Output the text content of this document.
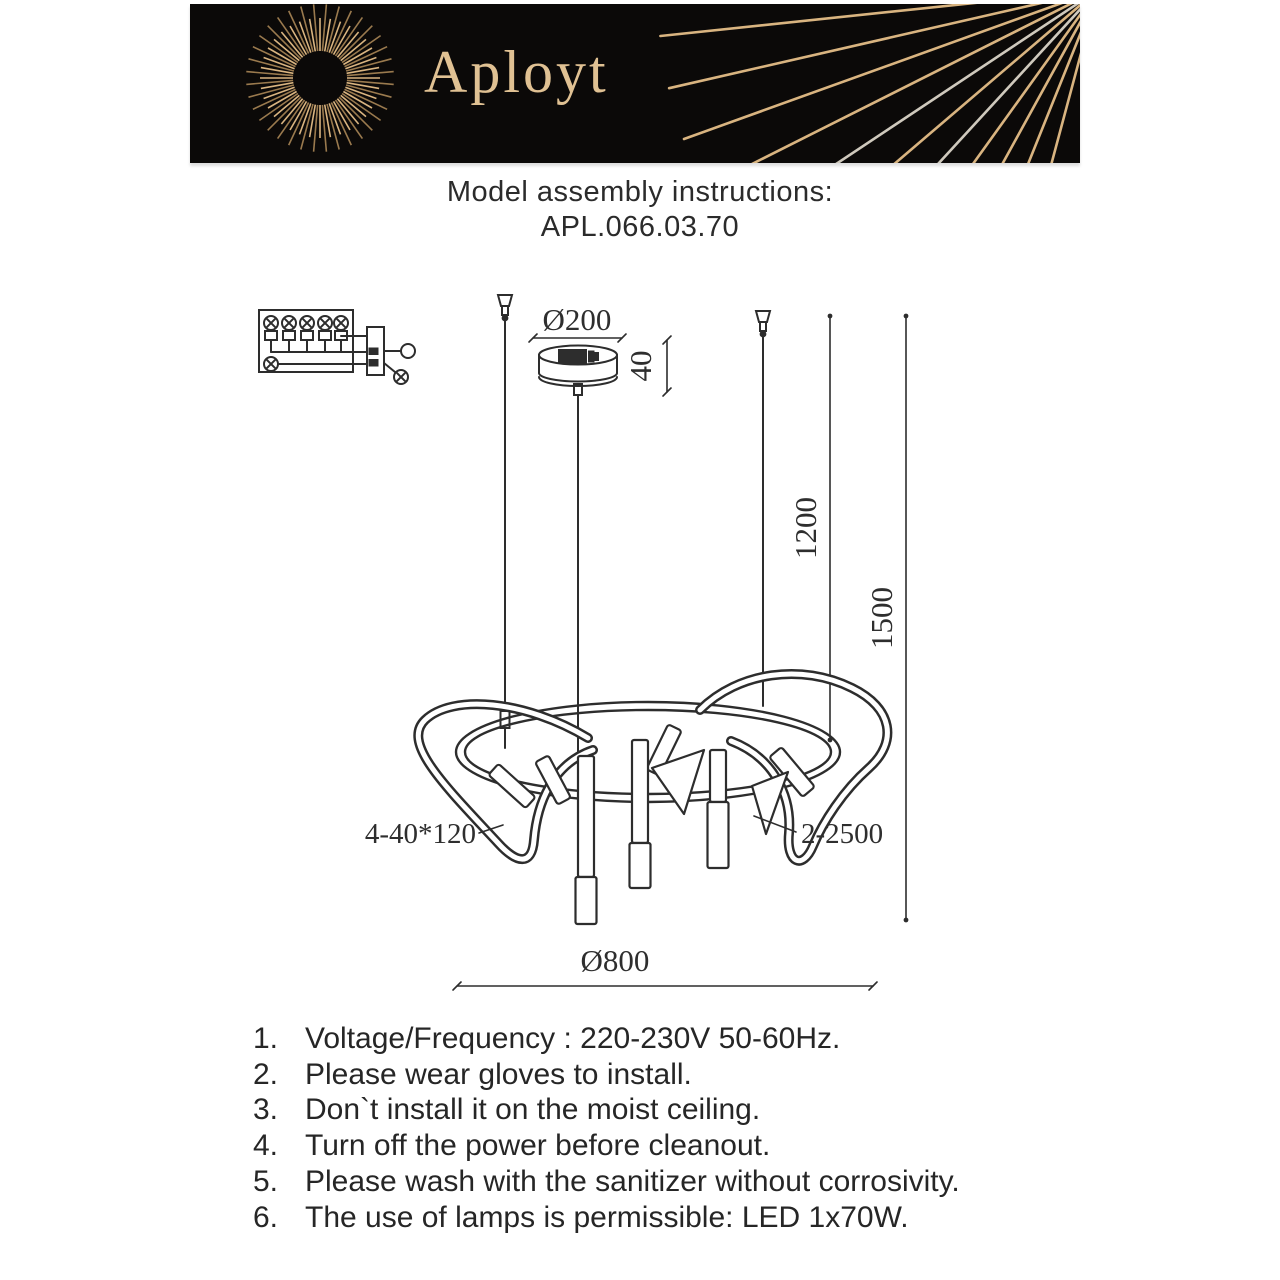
Aployt
Model assembly instructions:
APL.066.03.70
Ø200
40
1200
1500
4-40*120	2-2500
Ø800
1. Voltage/Frequency : 220-230V 50-60Hz.
2. Please wear gloves to install.
3. Don`t install it on the moist ceiling.
4. Turn off the power before cleanout.
5. Please wash with the sanitizer without corrosivity.
6. The use of lamps is permissible: LED 1x70W.
